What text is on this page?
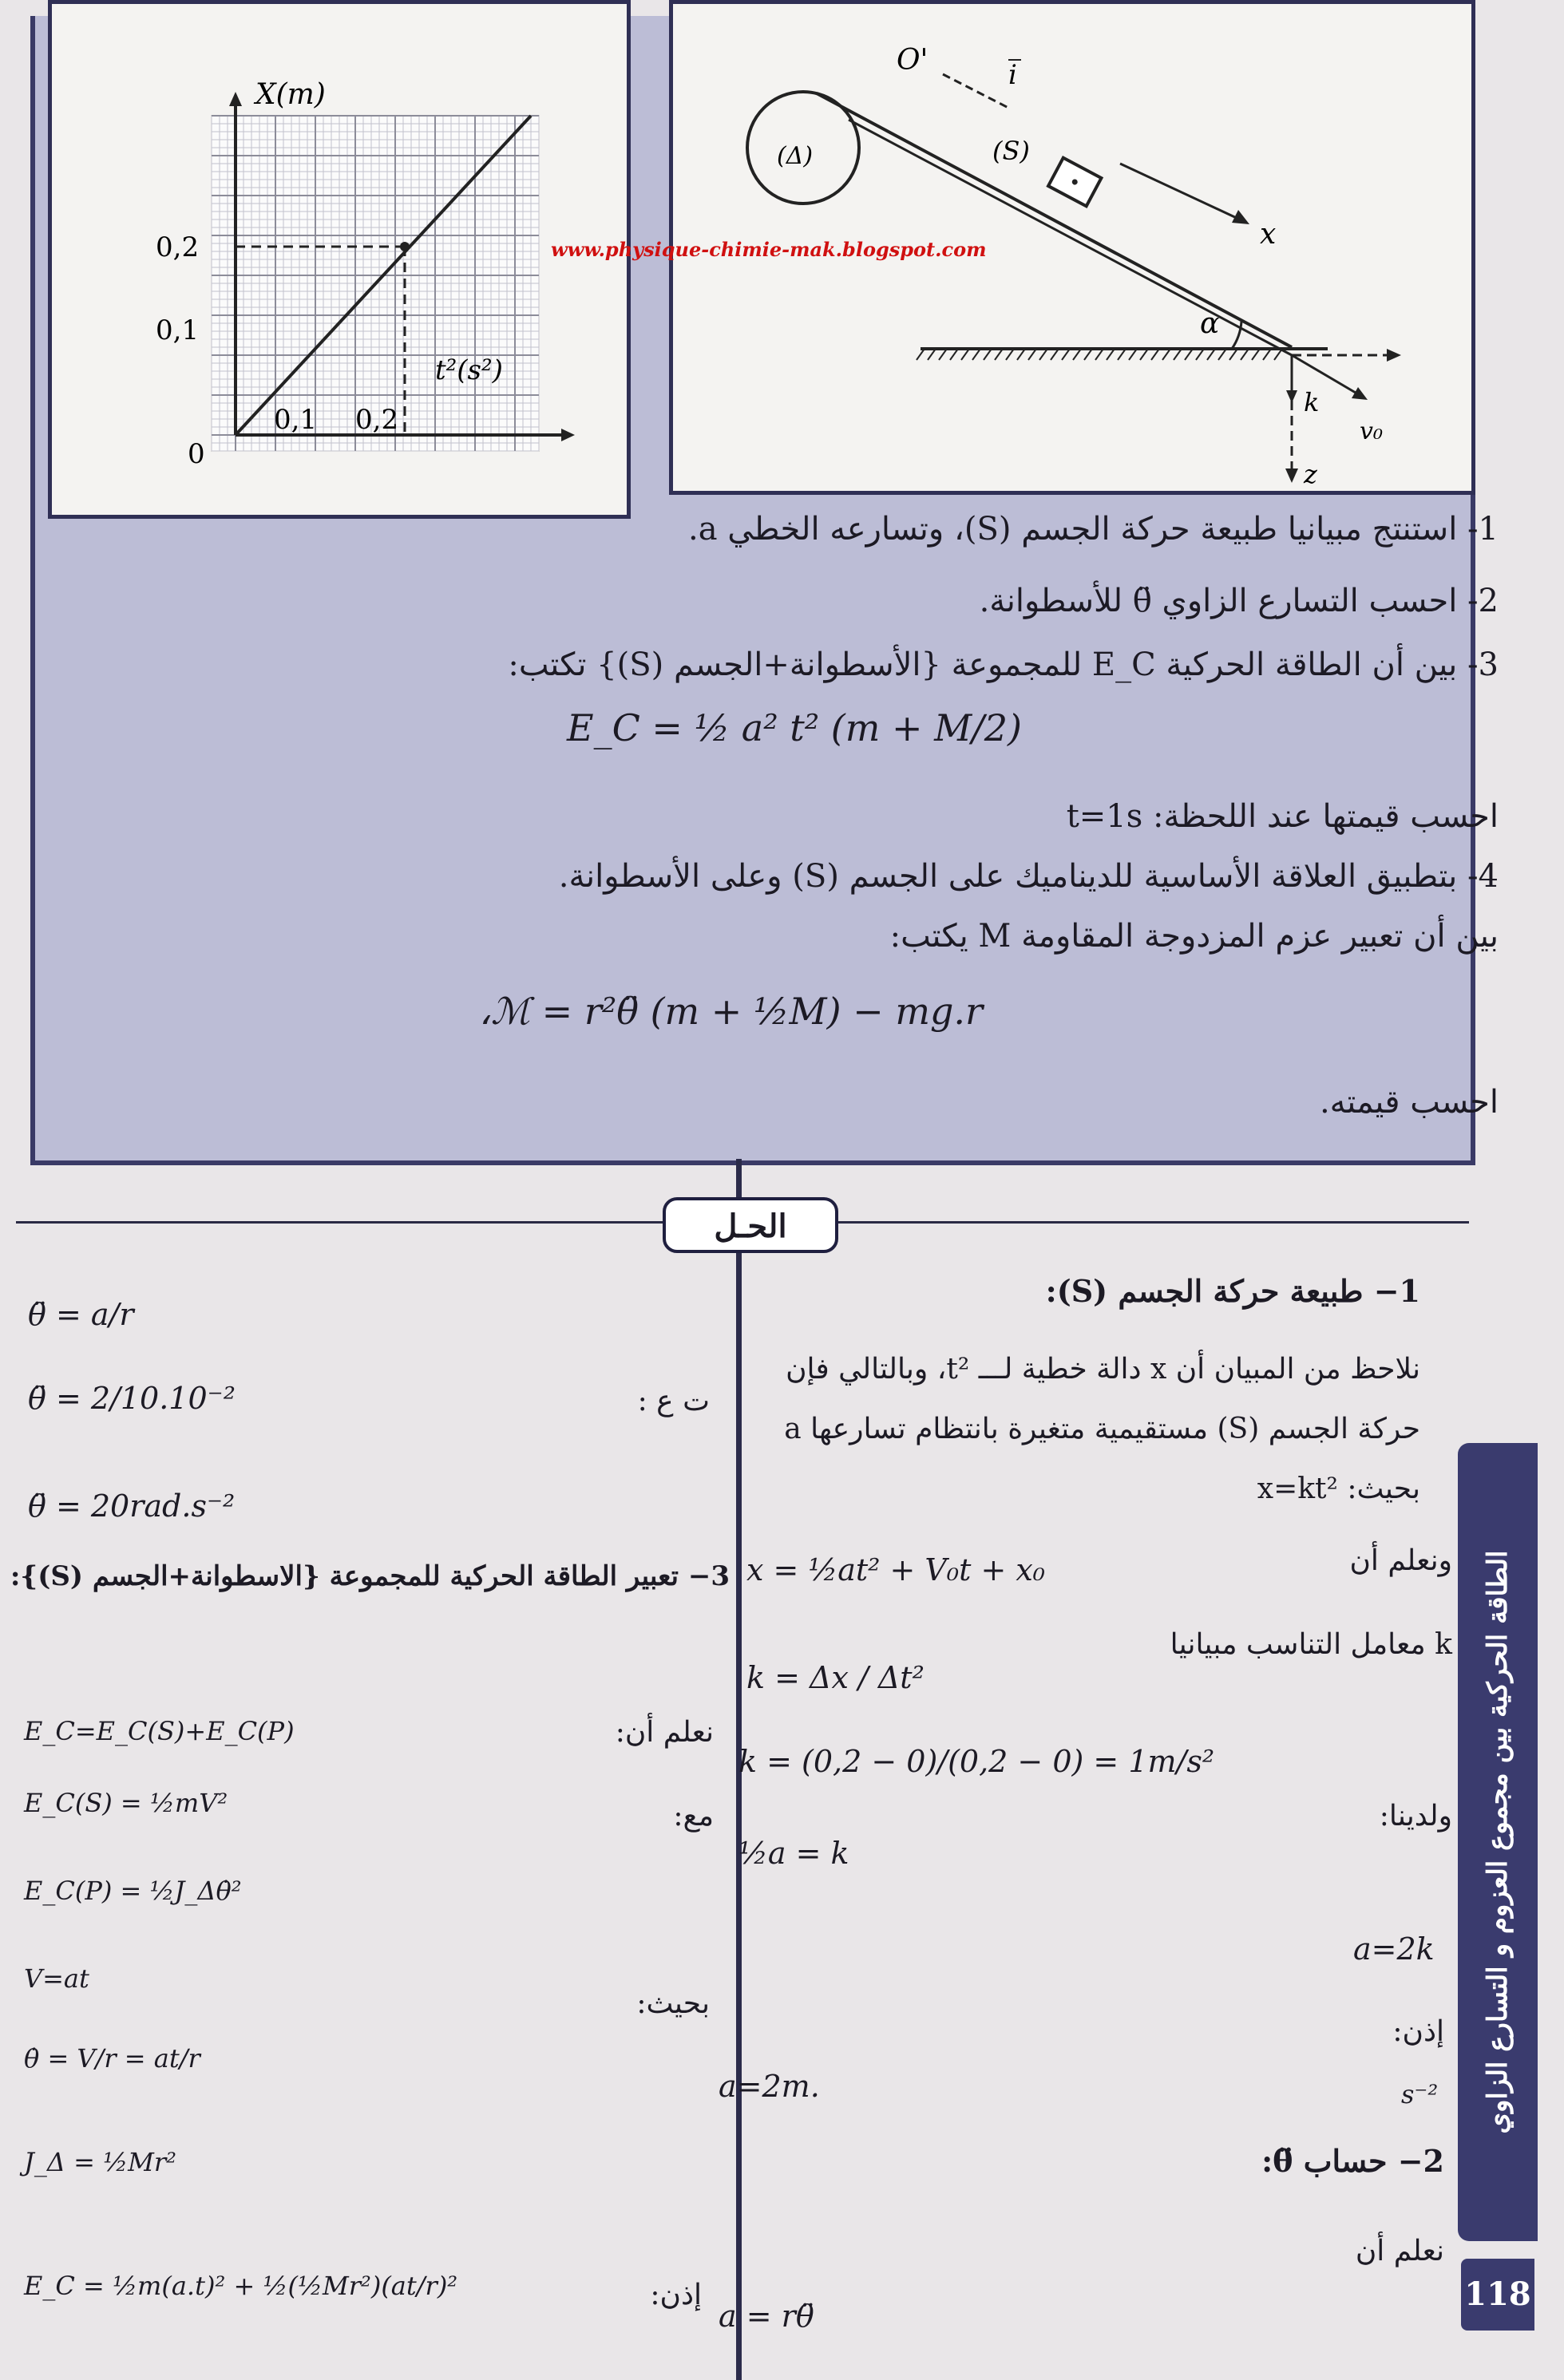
X(m)
t²(s²)
0,2
0,1
0,1 0,2
0
(Δ)	(S)
O'	i
x
α
k
v₀
z
www.physique-chimie-mak.blogspot.com
1- استنتج مبيانيا طبيعة حركة الجسم (S)، وتسارعه الخطي a.
2- احسب التسارع الزاوي θ̈ للأسطوانة.
3- بين أن الطاقة الحركية E_C للمجموعة {الأسطوانة+الجسم (S)} تكتب:
E_C = ½ a² t² (m + M/2)
احسب قيمتها عند اللحظة: t=1s
4- بتطبيق العلاقة الأساسية للديناميك على الجسم (S) وعلى الأسطوانة.
بين أن تعبير عزم المزدوجة المقاومة M يكتب:
،ℳ = r²θ̈ (m + ½M) − mg.r
احسب قيمته.
الحـل
1− طبيعة حركة الجسم (S):
نلاحظ من المبيان أن x دالة خطية لـــ t²، وبالتالي فإن
حركة الجسم (S) مستقيمية متغيرة بانتظام تسارعها a
بحيث: x=kt²
ونعلم أن
x = ½at² + V₀t + x₀
k معامل التناسب مبيانيا
k = Δx / Δt²
k = (0,2 − 0)/(0,2 − 0) = 1m/s²
ولدينا:
½a = k
a=2k
إذن:
a=2m.	s⁻²
2− حساب θ̈:
نعلم أن
a = rθ̈
θ̈ = a/r
ت ع :
θ̈ = 2/10.10⁻²
θ̈ = 20rad.s⁻²
3− تعبير الطاقة الحركية للمجموعة {الاسطوانة+الجسم (S)}:
نعلم أن:
E_C=E_C(S)+E_C(P)
مع:
E_C(S) = ½mV²
E_C(P) = ½J_Δθ̇²
V=at
بحيث:
θ̇ = V/r = at/r
J_Δ = ½Mr²
E_C = ½m(a.t)² + ½(½Mr²)(at/r)²	إذن:
الطاقة الحركية بين مجموع العزوم و التسارع الزاوي
118
